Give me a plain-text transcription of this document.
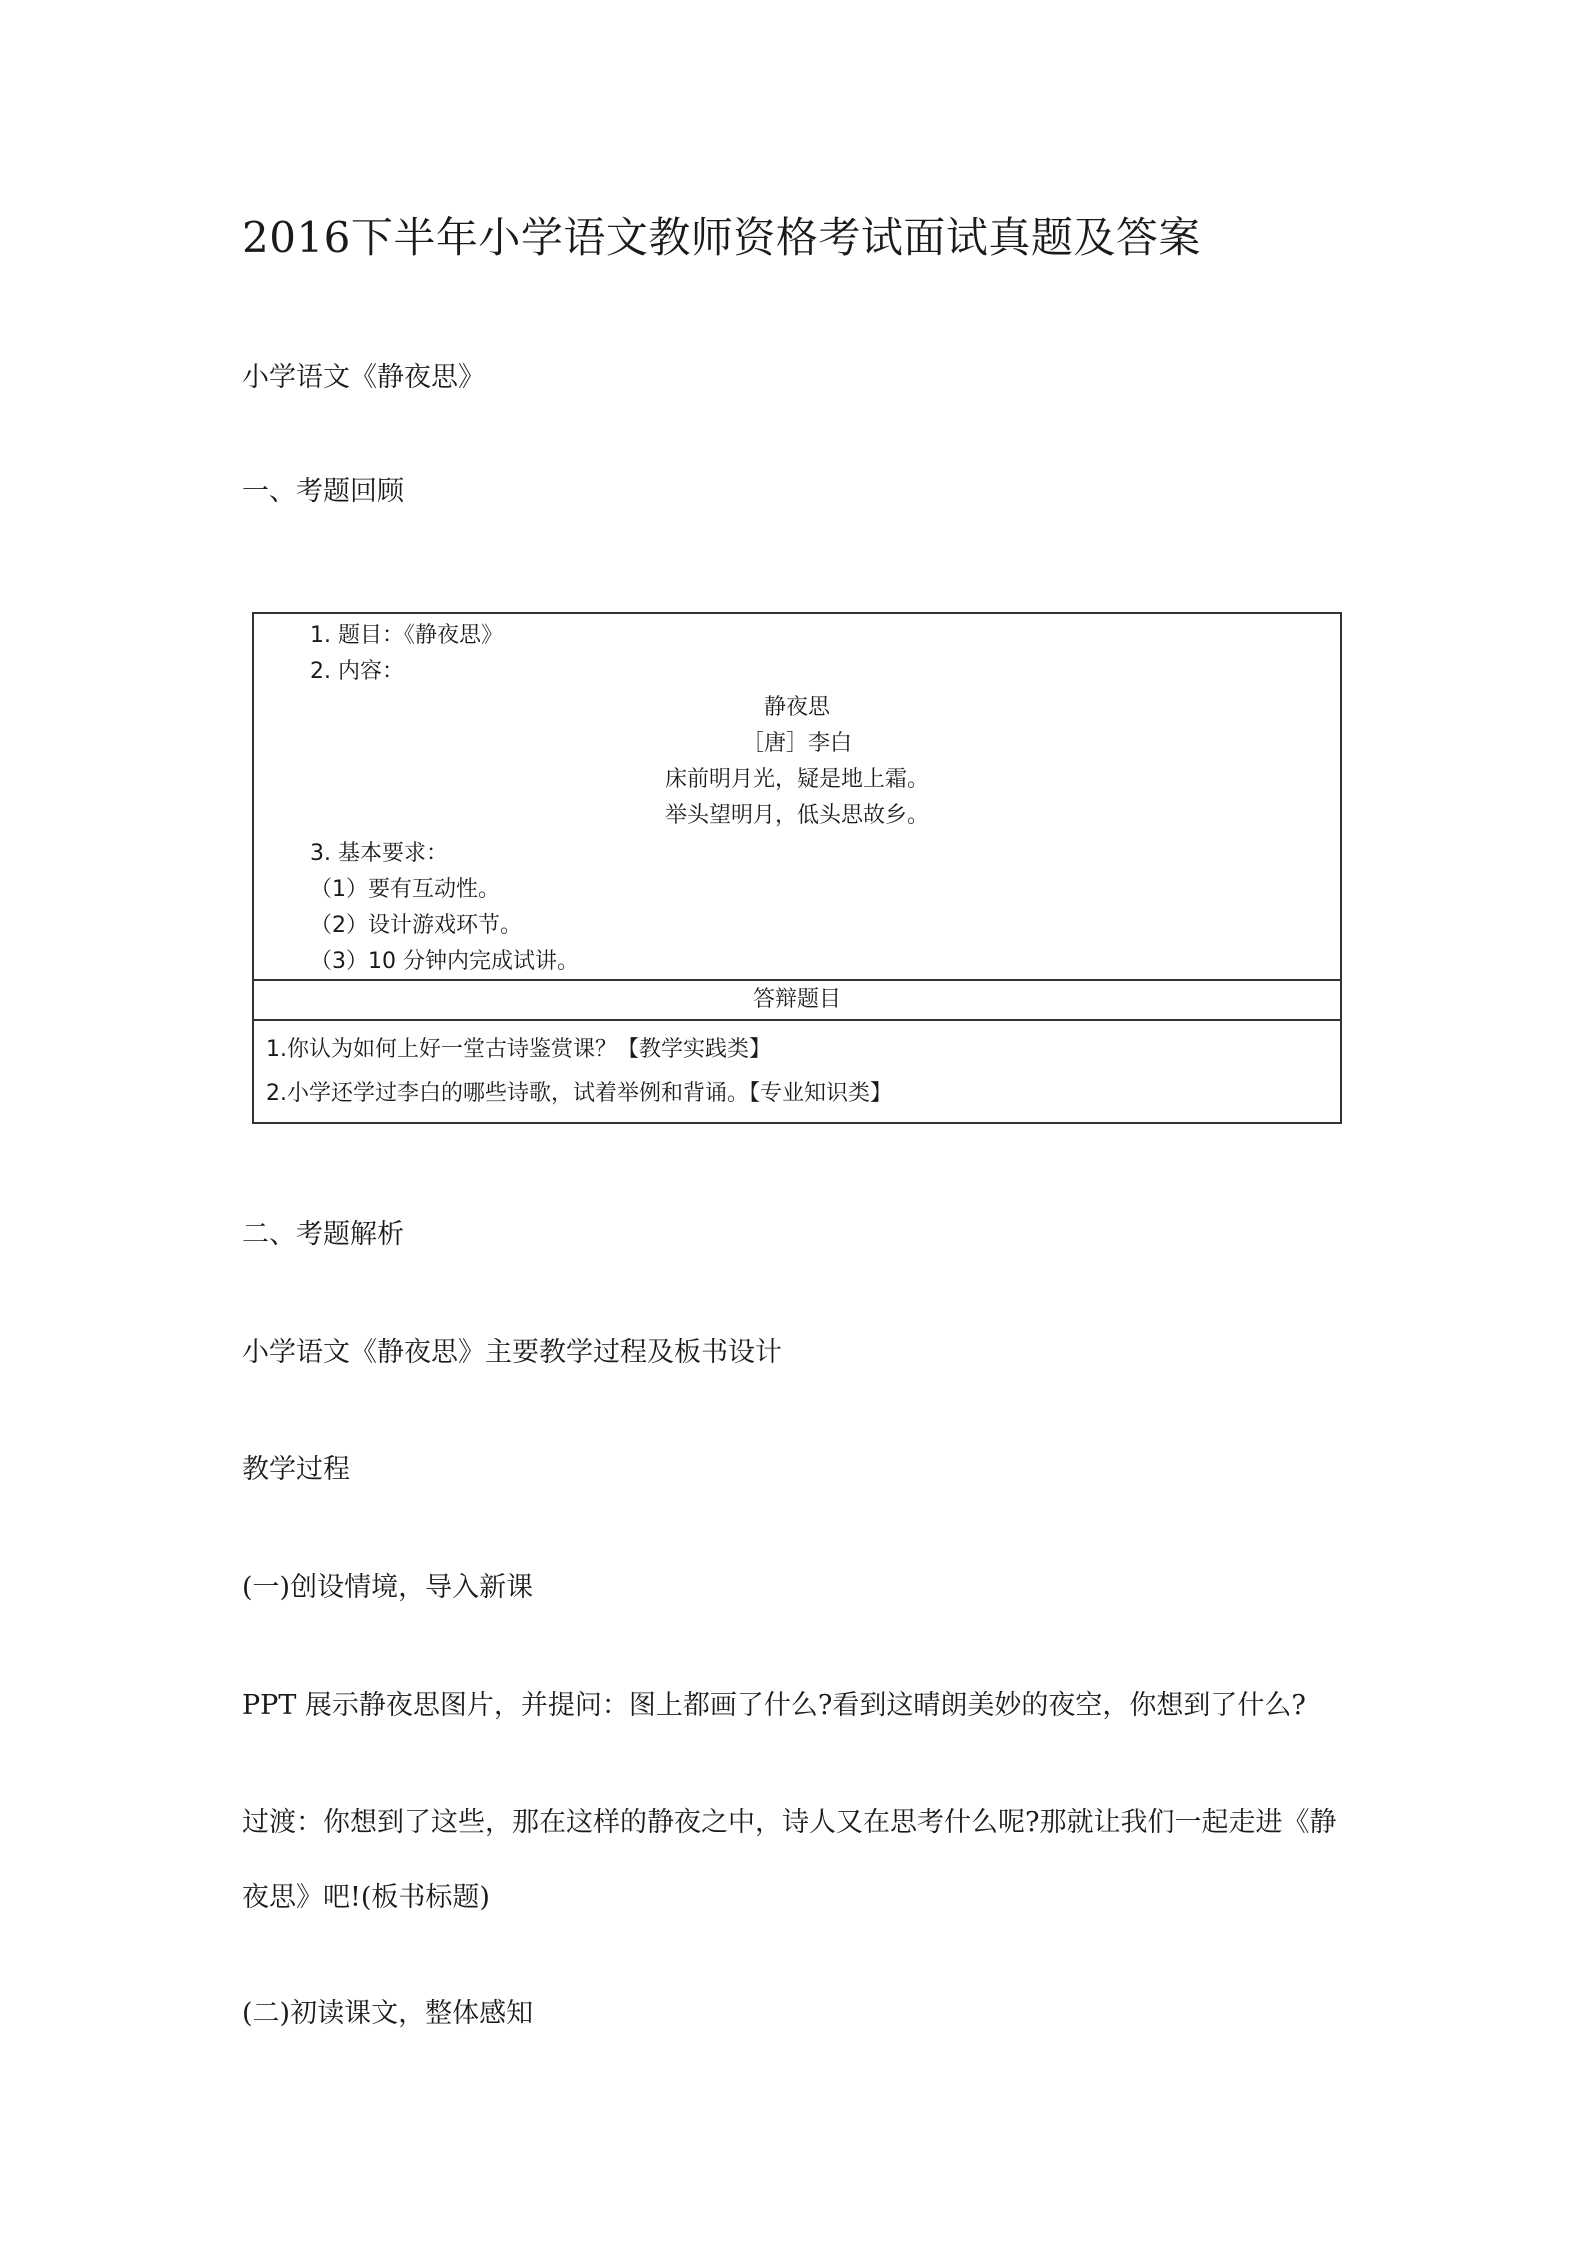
2016下半年小学语文教师资格考试面试真题及答案

小学语文《静夜思》

一、考题回顾

1. 题目：《静夜思》
2. 内容：
静夜思
［唐］李白
床前明月光，疑是地上霜。
举头望明月，低头思故乡。
3. 基本要求：
（1）要有互动性。
（2）设计游戏环节。
（3）10 分钟内完成试讲。
答辩题目
1.你认为如何上好一堂古诗鉴赏课？【教学实践类】
2.小学还学过李白的哪些诗歌，试着举例和背诵。【专业知识类】

二、考题解析

小学语文《静夜思》主要教学过程及板书设计

教学过程

(一)创设情境，导入新课

PPT 展示静夜思图片，并提问：图上都画了什么?看到这晴朗美妙的夜空，你想到了什么?

过渡：你想到了这些，那在这样的静夜之中，诗人又在思考什么呢?那就让我们一起走进《静

夜思》吧!(板书标题)

(二)初读课文，整体感知
